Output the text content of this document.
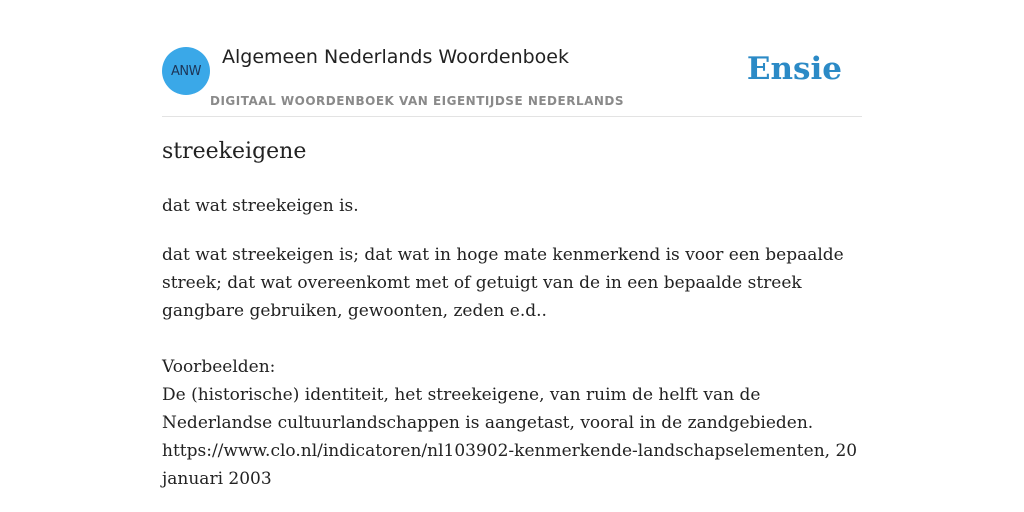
ANW
Algemeen Nederlands Woordenboek
DIGITAAL WOORDENBOEK VAN EIGENTIJDSE NEDERLANDS
Ensie
streekeigene

dat wat streekeigen is.

dat wat streekeigen is; dat wat in hoge mate kenmerkend is voor een bepaalde
streek; dat wat overeenkomt met of getuigt van de in een bepaalde streek
gangbare gebruiken, gewoonten, zeden e.d..

Voorbeelden:
De (historische) identiteit, het streekeigene, van ruim de helft van de
Nederlandse cultuurlandschappen is aangetast, vooral in de zandgebieden.
https://www.clo.nl/indicatoren/nl103902-kenmerkende-landschapselementen, 20
januari 2003
